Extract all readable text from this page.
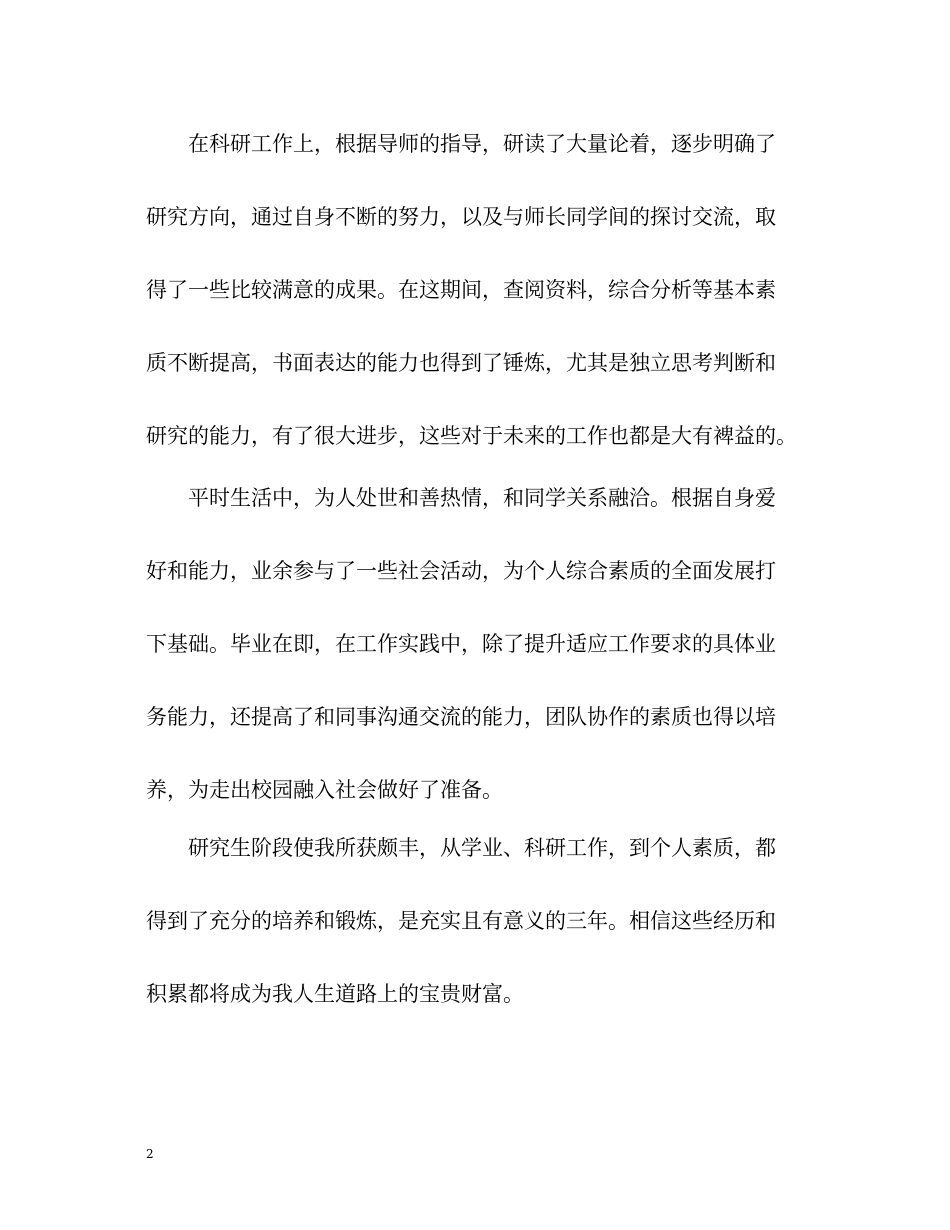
在科研工作上，根据导师的指导，研读了大量论着，逐步明确了
研究方向，通过自身不断的努力，以及与师长同学间的探讨交流，取
得了一些比较满意的成果。在这期间，查阅资料，综合分析等基本素
质不断提高，书面表达的能力也得到了锤炼，尤其是独立思考判断和
研究的能力，有了很大进步，这些对于未来的工作也都是大有裨益的。
平时生活中，为人处世和善热情，和同学关系融洽。根据自身爱
好和能力，业余参与了一些社会活动，为个人综合素质的全面发展打
下基础。毕业在即，在工作实践中，除了提升适应工作要求的具体业
务能力，还提高了和同事沟通交流的能力，团队协作的素质也得以培
养，为走出校园融入社会做好了准备。
研究生阶段使我所获颇丰，从学业、科研工作，到个人素质，都
得到了充分的培养和锻炼，是充实且有意义的三年。相信这些经历和
积累都将成为我人生道路上的宝贵财富。
2
